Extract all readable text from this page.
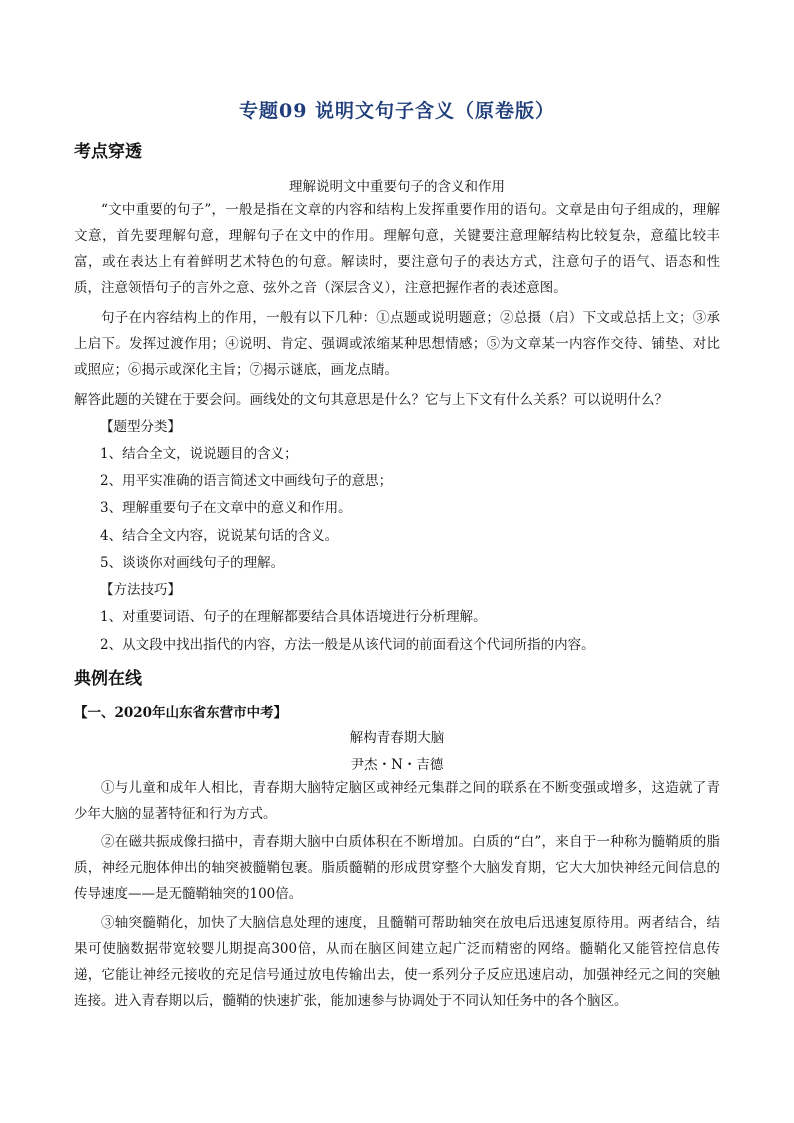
专题09 说明文句子含义（原卷版）
考点穿透
理解说明文中重要句子的含义和作用
“文中重要的句子”，一般是指在文章的内容和结构上发挥重要作用的语句。文章是由句子组成的，理解文意，首先要理解句意，理解句子在文中的作用。理解句意，关键要注意理解结构比较复杂，意蕴比较丰富，或在表达上有着鲜明艺术特色的句意。解读时，要注意句子的表达方式，注意句子的语气、语态和性质，注意领悟句子的言外之意、弦外之音（深层含义），注意把握作者的表述意图。
句子在内容结构上的作用，一般有以下几种：①点题或说明题意；②总摄（启）下文或总括上文；③承上启下。发挥过渡作用；④说明、肯定、强调或浓缩某种思想情感；⑤为文章某一内容作交待、铺垫、对比或照应；⑥揭示或深化主旨；⑦揭示谜底，画龙点睛。
解答此题的关键在于要会问。画线处的文句其意思是什么？它与上下文有什么关系？可以说明什么？
【题型分类】
1、结合全文，说说题目的含义；
2、用平实准确的语言简述文中画线句子的意思；
3、理解重要句子在文章中的意义和作用。
4、结合全文内容，说说某句话的含义。
5、谈谈你对画线句子的理解。
【方法技巧】
1、对重要词语、句子的在理解都要结合具体语境进行分析理解。
2、从文段中找出指代的内容，方法一般是从该代词的前面看这个代词所指的内容。
典例在线
【一、2020年山东省东营市中考】
解构青春期大脑
尹杰・N・吉德
①与儿童和成年人相比，青春期大脑特定脑区或神经元集群之间的联系在不断变强或增多，这造就了青少年大脑的显著特征和行为方式。
②在磁共振成像扫描中，青春期大脑中白质体积在不断增加。白质的“白”，来自于一种称为髓鞘质的脂质，神经元胞体伸出的轴突被髓鞘包裹。脂质髓鞘的形成贯穿整个大脑发育期，它大大加快神经元间信息的传导速度——是无髓鞘轴突的100倍。
③轴突髓鞘化，加快了大脑信息处理的速度，且髓鞘可帮助轴突在放电后迅速复原待用。两者结合，结果可使脑数据带宽较婴儿期提高300倍，从而在脑区间建立起广泛而精密的网络。髓鞘化又能管控信息传递，它能让神经元接收的充足信号通过放电传输出去，使一系列分子反应迅速启动，加强神经元之间的突触连接。进入青春期以后，髓鞘的快速扩张，能加速参与协调处于不同认知任务中的各个脑区。
